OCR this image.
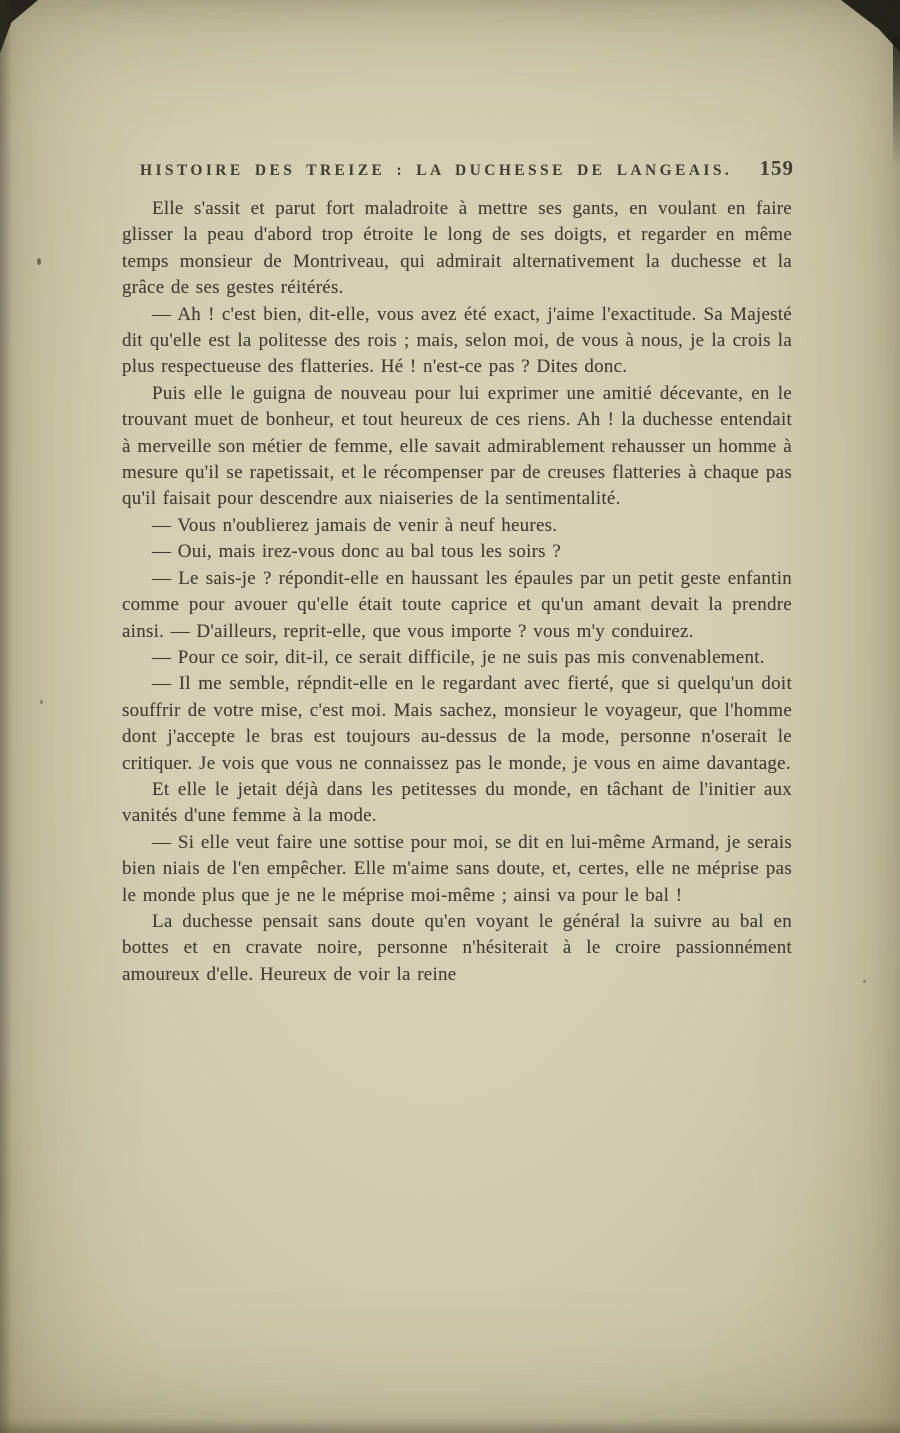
HISTOIRE DES TREIZE : LA DUCHESSE DE LANGEAIS. 159

Elle s'assit et parut fort maladroite à mettre ses gants, en voulant en faire glisser la peau d'abord trop étroite le long de ses doigts, et regarder en même temps monsieur de Montriveau, qui admirait alternativement la duchesse et la grâce de ses gestes réitérés.

— Ah ! c'est bien, dit-elle, vous avez été exact, j'aime l'exactitude. Sa Majesté dit qu'elle est la politesse des rois ; mais, selon moi, de vous à nous, je la crois la plus respectueuse des flatteries. Hé ! n'est-ce pas ? Dites donc.

Puis elle le guigna de nouveau pour lui exprimer une amitié décevante, en le trouvant muet de bonheur, et tout heureux de ces riens. Ah ! la duchesse entendait à merveille son métier de femme, elle savait admirablement rehausser un homme à mesure qu'il se rapetissait, et le récompenser par de creuses flatteries à chaque pas qu'il faisait pour descendre aux niaiseries de la sentimentalité.

— Vous n'oublierez jamais de venir à neuf heures.

— Oui, mais irez-vous donc au bal tous les soirs ?

— Le sais-je ? répondit-elle en haussant les épaules par un petit geste enfantin comme pour avouer qu'elle était toute caprice et qu'un amant devait la prendre ainsi. — D'ailleurs, reprit-elle, que vous importe ? vous m'y conduirez.

— Pour ce soir, dit-il, ce serait difficile, je ne suis pas mis convenablement.

— Il me semble, répndit-elle en le regardant avec fierté, que si quelqu'un doit souffrir de votre mise, c'est moi. Mais sachez, monsieur le voyageur, que l'homme dont j'accepte le bras est toujours au-dessus de la mode, personne n'oserait le critiquer. Je vois que vous ne connaissez pas le monde, je vous en aime davantage.

Et elle le jetait déjà dans les petitesses du monde, en tâchant de l'initier aux vanités d'une femme à la mode.

— Si elle veut faire une sottise pour moi, se dit en lui-même Armand, je serais bien niais de l'en empêcher. Elle m'aime sans doute, et, certes, elle ne méprise pas le monde plus que je ne le méprise moi-même ; ainsi va pour le bal !

La duchesse pensait sans doute qu'en voyant le général la suivre au bal en bottes et en cravate noire, personne n'hésiterait à le croire passionnément amoureux d'elle. Heureux de voir la reine
